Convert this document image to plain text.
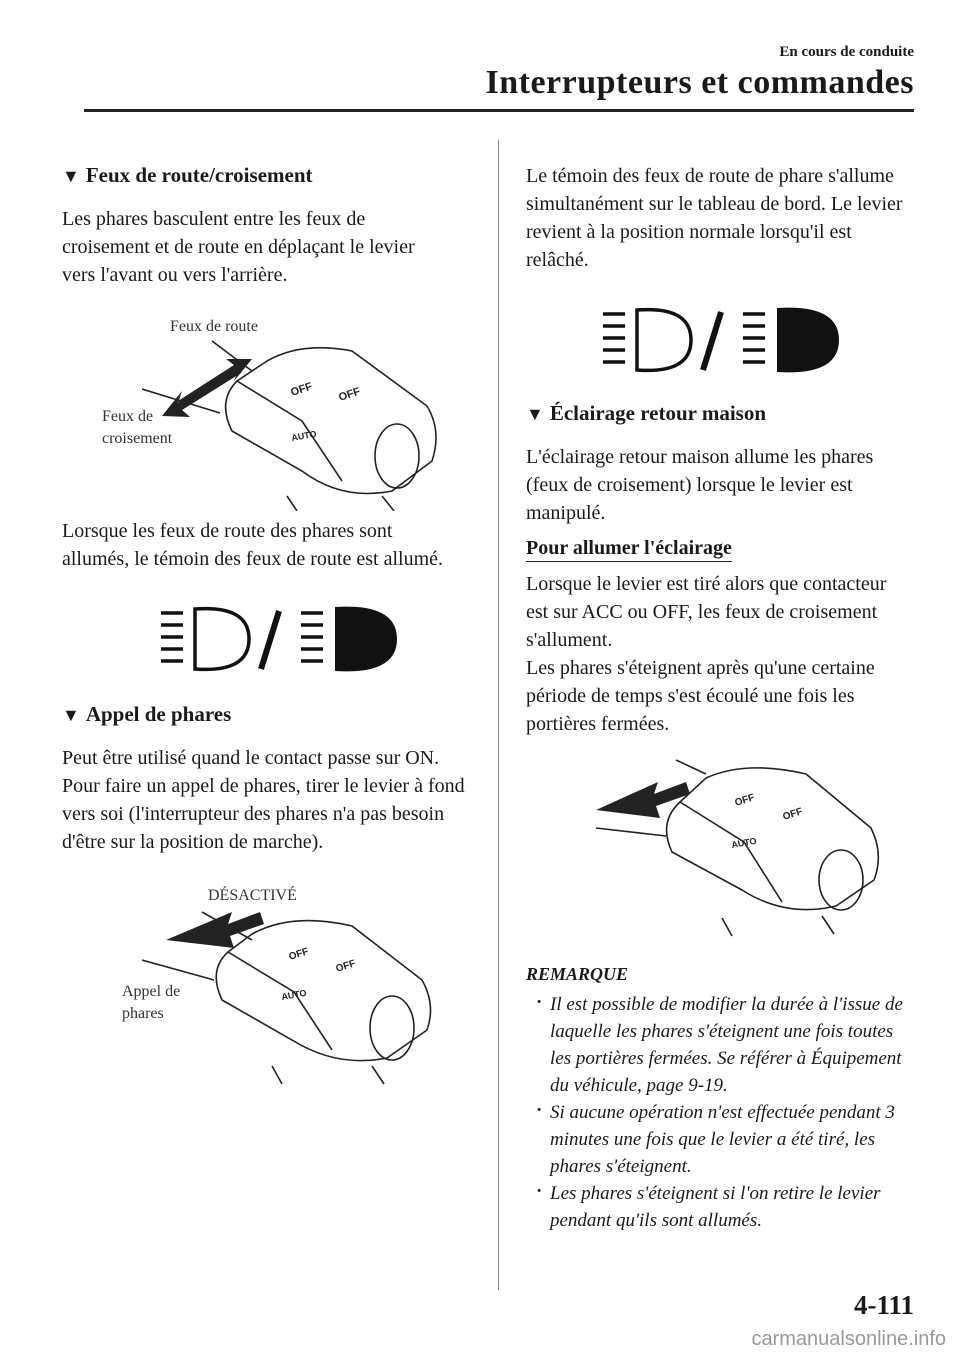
En cours de conduite
Interrupteurs et commandes
▼ Feux de route/croisement

Les phares basculent entre les feux de croisement et de route en déplaçant le levier vers l'avant ou vers l'arrière.

Feux de route
Feux de
croisement
OFF OFF
AUTO

Lorsque les feux de route des phares sont allumés, le témoin des feux de route est allumé.

▼ Appel de phares

Peut être utilisé quand le contact passe sur ON. Pour faire un appel de phares, tirer le levier à fond vers soi (l'interrupteur des phares n'a pas besoin d'être sur la position de marche).

DÉSACTIVÉ
Appel de
phares
OFF
OFF
AUTO

Le témoin des feux de route de phare s'allume simultanément sur le tableau de bord. Le levier revient à la position normale lorsqu'il est relâché.

▼ Éclairage retour maison

L'éclairage retour maison allume les phares (feux de croisement) lorsque le levier est manipulé.

Pour allumer l'éclairage

Lorsque le levier est tiré alors que contacteur est sur ACC ou OFF, les feux de croisement s'allument.

Les phares s'éteignent après qu'une certaine période de temps s'est écoulé une fois les portières fermées.

OFF
OFF
AUTO
REMARQUE
· Il est possible de modifier la durée à l'issue de laquelle les phares s'éteignent une fois toutes les portières fermées. Se référer à Équipement du véhicule, page 9-19.
· Si aucune opération n'est effectuée pendant 3 minutes une fois que le levier a été tiré, les phares s'éteignent.
· Les phares s'éteignent si l'on retire le levier pendant qu'ils sont allumés.
4-111
carmanualsonline.info
